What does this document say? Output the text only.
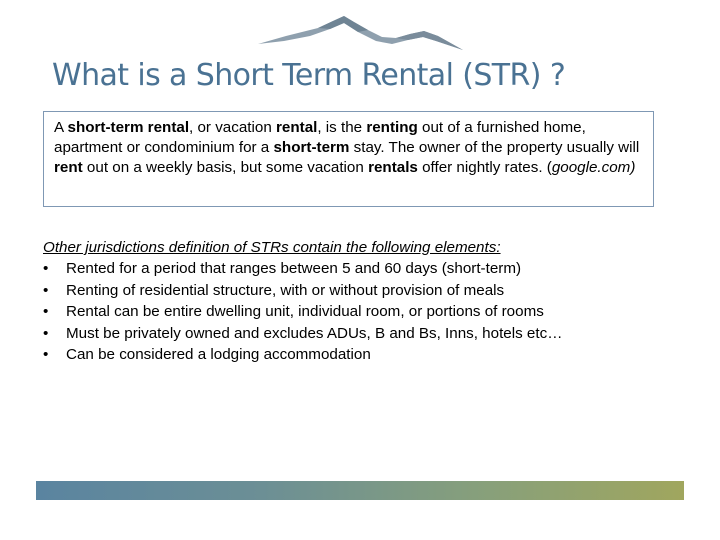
What is a Short Term Rental (STR) ?
A short-term rental, or vacation rental, is the renting out of a furnished home, apartment or condominium for a short-term stay. The owner of the property usually will rent out on a weekly basis, but some vacation rentals offer nightly rates. (google.com)
Other jurisdictions definition of STRs contain the following elements:
• Rented for a period that ranges between 5 and 60 days (short-term)
• Renting of residential structure, with or without provision of meals
• Rental can be entire dwelling unit, individual room, or portions of rooms
• Must be privately owned and excludes ADUs, B and Bs, Inns, hotels etc…
• Can be considered a lodging accommodation
